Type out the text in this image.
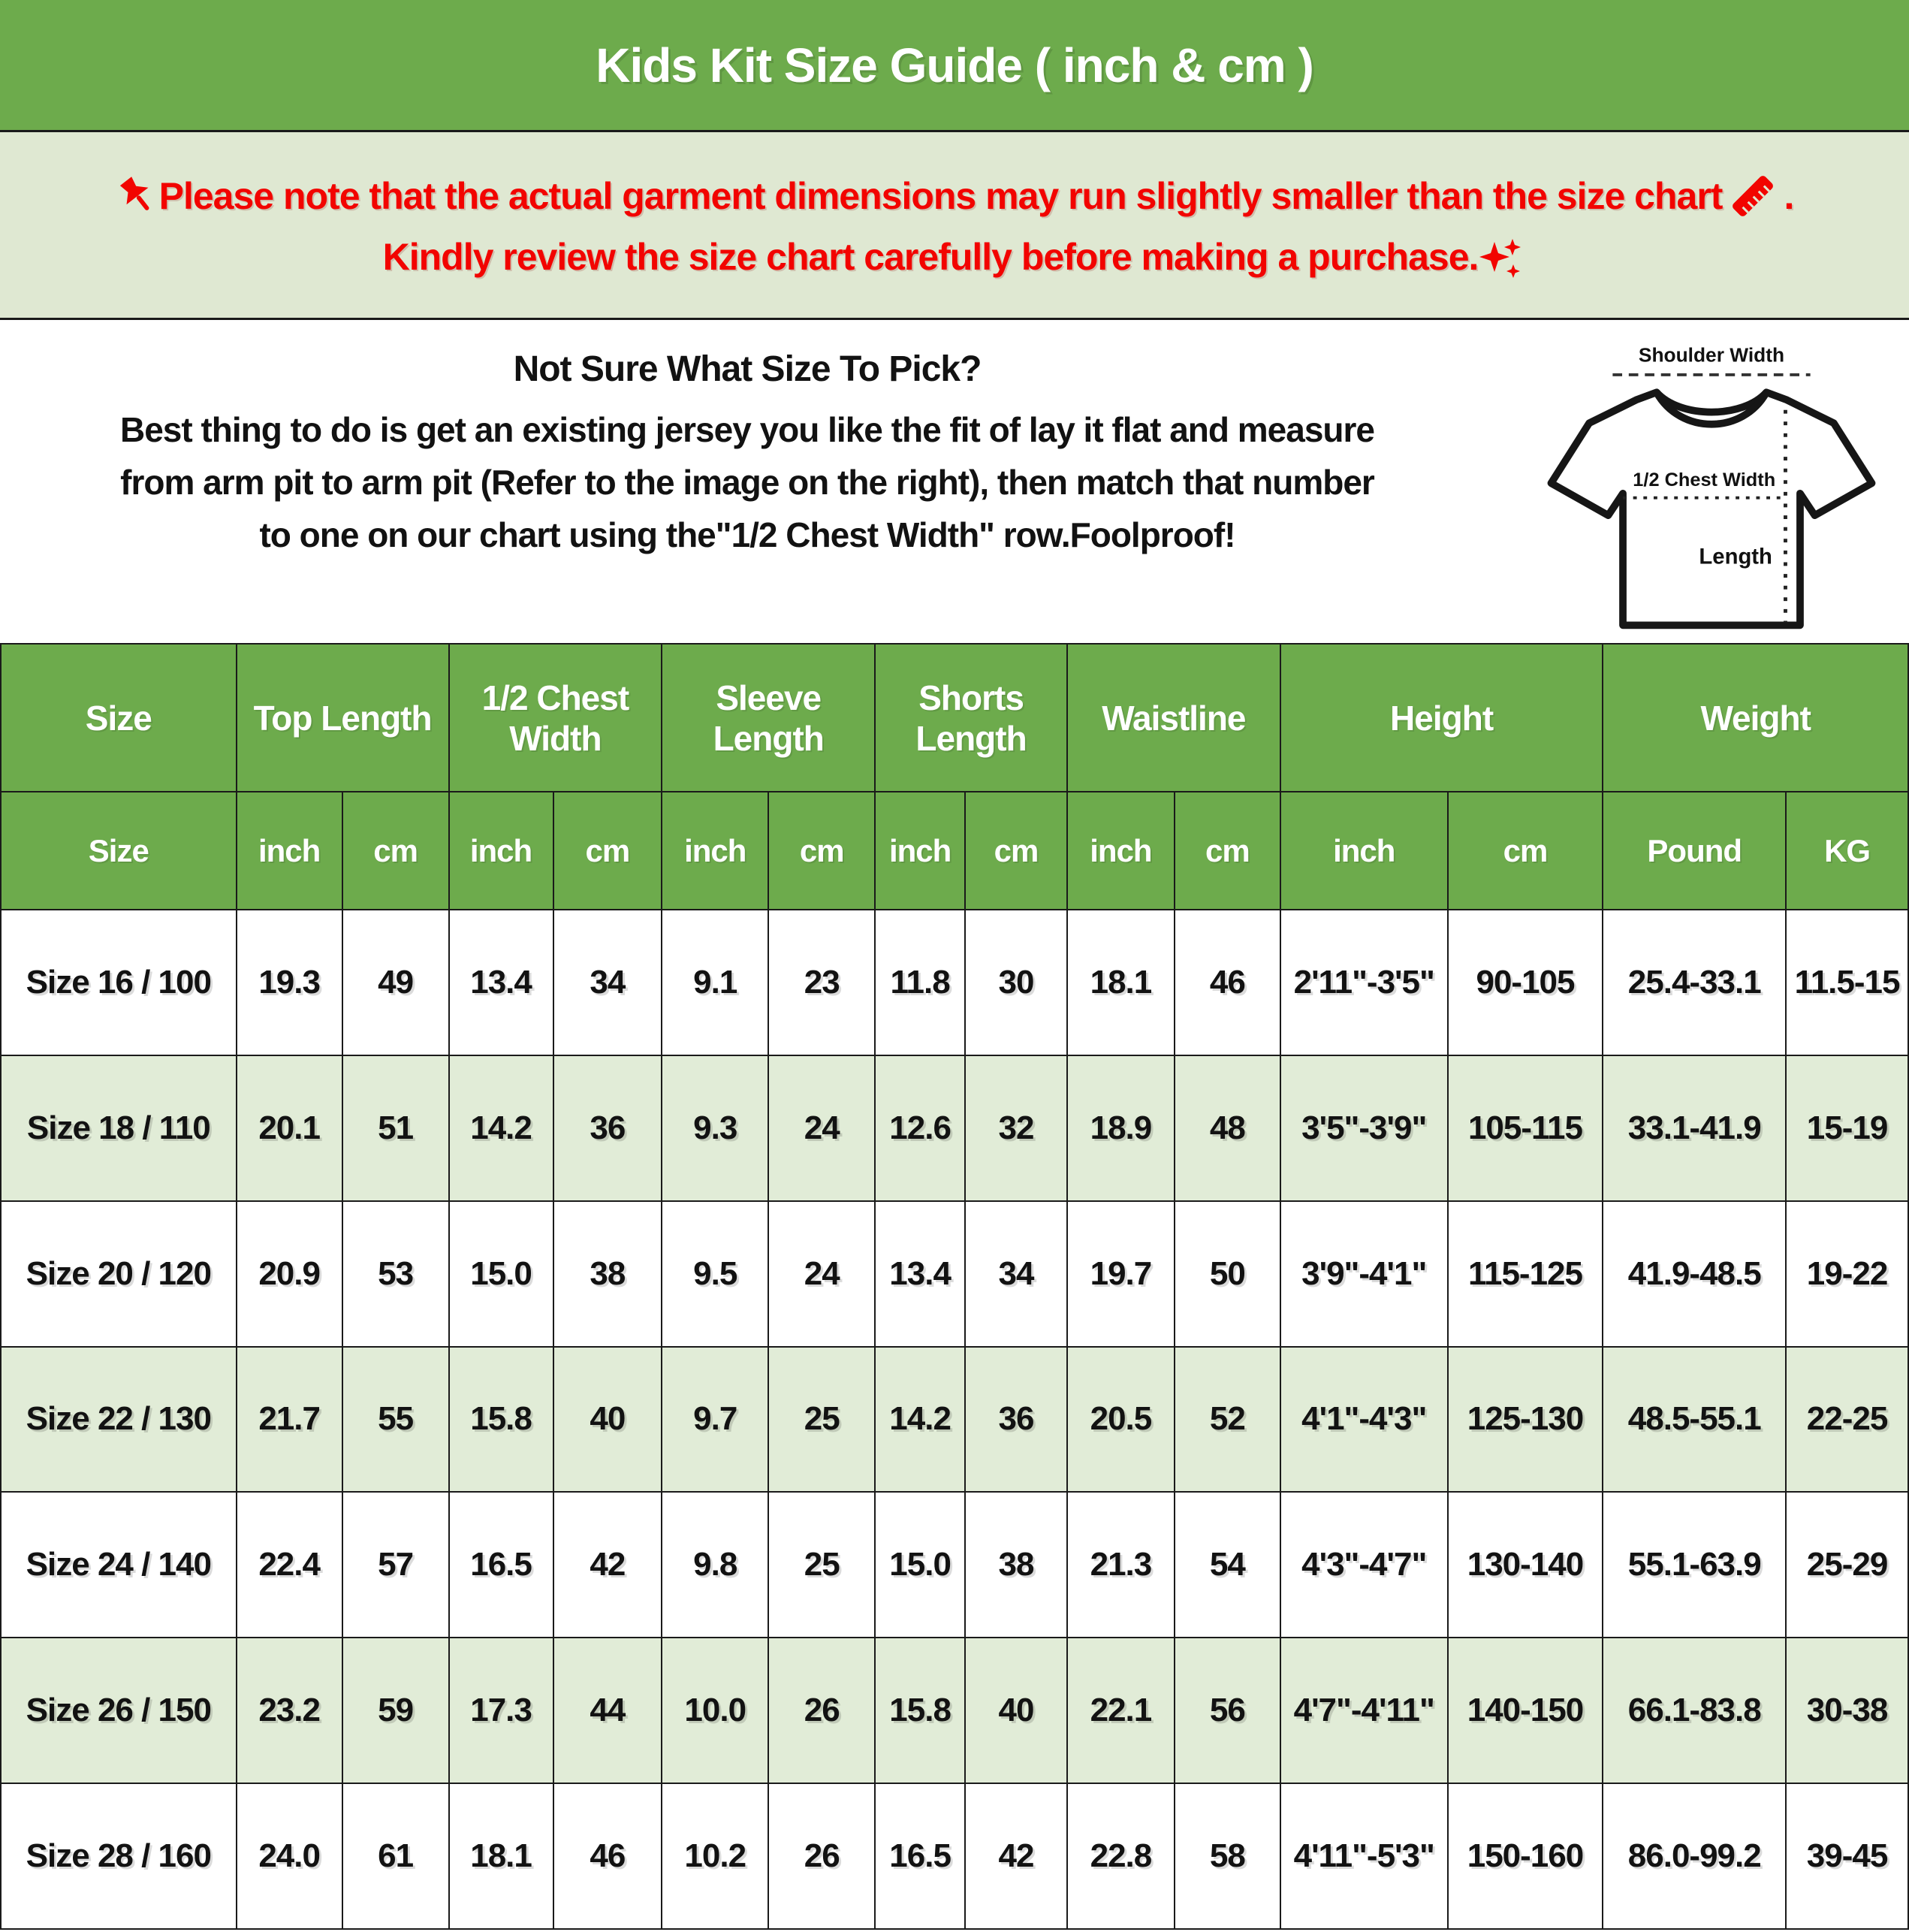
Kids Kit Size Guide ( inch & cm )
Please note that the actual garment dimensions may run slightly smaller than the size chart .
Kindly review the size chart carefully before making a purchase.
Not Sure What Size To Pick?
Best thing to do is get an existing jersey you like the fit of lay it flat and measure
from arm pit to arm pit (Refer to the image on the right), then match that number
to one on our chart using the"1/2 Chest Width" row.Foolproof!
Shoulder Width
1/2 Chest Width
Length
Size	Top Length		1/2 Chest Width		Sleeve Length		Shorts Length		Waistline		Height		Weight	
Size	inch	cm	inch	cm	inch	cm	inch	cm	inch	cm	inch	cm	Pound	KG
Size 16 / 100	19.3	49	13.4	34	9.1	23	11.8	30	18.1	46	2'11"-3'5"	90-105	25.4-33.1	11.5-15
Size 18 / 110	20.1	51	14.2	36	9.3	24	12.6	32	18.9	48	3'5"-3'9"	105-115	33.1-41.9	15-19
Size 20 / 120	20.9	53	15.0	38	9.5	24	13.4	34	19.7	50	3'9"-4'1"	115-125	41.9-48.5	19-22
Size 22 / 130	21.7	55	15.8	40	9.7	25	14.2	36	20.5	52	4'1"-4'3"	125-130	48.5-55.1	22-25
Size 24 / 140	22.4	57	16.5	42	9.8	25	15.0	38	21.3	54	4'3"-4'7"	130-140	55.1-63.9	25-29
Size 26 / 150	23.2	59	17.3	44	10.0	26	15.8	40	22.1	56	4'7"-4'11"	140-150	66.1-83.8	30-38
Size 28 / 160	24.0	61	18.1	46	10.2	26	16.5	42	22.8	58	4'11"-5'3"	150-160	86.0-99.2	39-45
